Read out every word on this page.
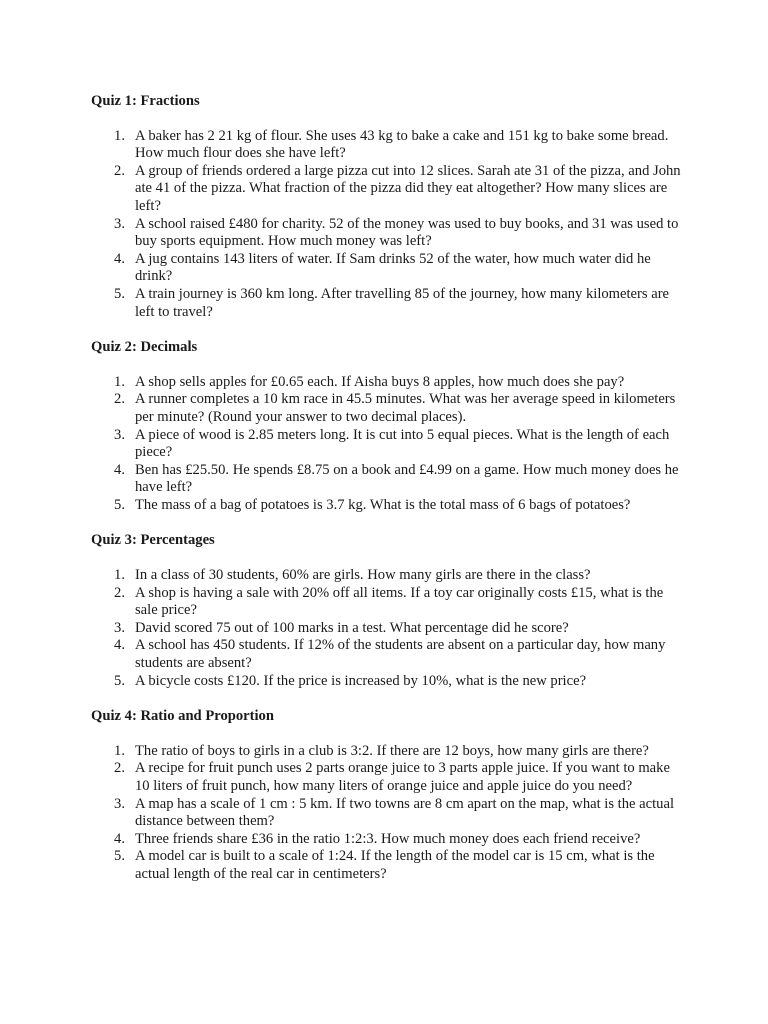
Quiz 1: Fractions
1. A baker has 2 21 kg of flour. She uses 43 kg to bake a cake and 151 kg to bake some bread. How much flour does she have left?
2. A group of friends ordered a large pizza cut into 12 slices. Sarah ate 31 of the pizza, and John ate 41 of the pizza. What fraction of the pizza did they eat altogether? How many slices are left?
3. A school raised £480 for charity. 52 of the money was used to buy books, and 31 was used to buy sports equipment. How much money was left?
4. A jug contains 143 liters of water. If Sam drinks 52 of the water, how much water did he drink?
5. A train journey is 360 km long. After travelling 85 of the journey, how many kilometers are left to travel?
Quiz 2: Decimals
1. A shop sells apples for £0.65 each. If Aisha buys 8 apples, how much does she pay?
2. A runner completes a 10 km race in 45.5 minutes. What was her average speed in kilometers per minute? (Round your answer to two decimal places).
3. A piece of wood is 2.85 meters long. It is cut into 5 equal pieces. What is the length of each piece?
4. Ben has £25.50. He spends £8.75 on a book and £4.99 on a game. How much money does he have left?
5. The mass of a bag of potatoes is 3.7 kg. What is the total mass of 6 bags of potatoes?
Quiz 3: Percentages
1. In a class of 30 students, 60% are girls. How many girls are there in the class?
2. A shop is having a sale with 20% off all items. If a toy car originally costs £15, what is the sale price?
3. David scored 75 out of 100 marks in a test. What percentage did he score?
4. A school has 450 students. If 12% of the students are absent on a particular day, how many students are absent?
5. A bicycle costs £120. If the price is increased by 10%, what is the new price?
Quiz 4: Ratio and Proportion
1. The ratio of boys to girls in a club is 3:2. If there are 12 boys, how many girls are there?
2. A recipe for fruit punch uses 2 parts orange juice to 3 parts apple juice. If you want to make 10 liters of fruit punch, how many liters of orange juice and apple juice do you need?
3. A map has a scale of 1 cm : 5 km. If two towns are 8 cm apart on the map, what is the actual distance between them?
4. Three friends share £36 in the ratio 1:2:3. How much money does each friend receive?
5. A model car is built to a scale of 1:24. If the length of the model car is 15 cm, what is the actual length of the real car in centimeters?
